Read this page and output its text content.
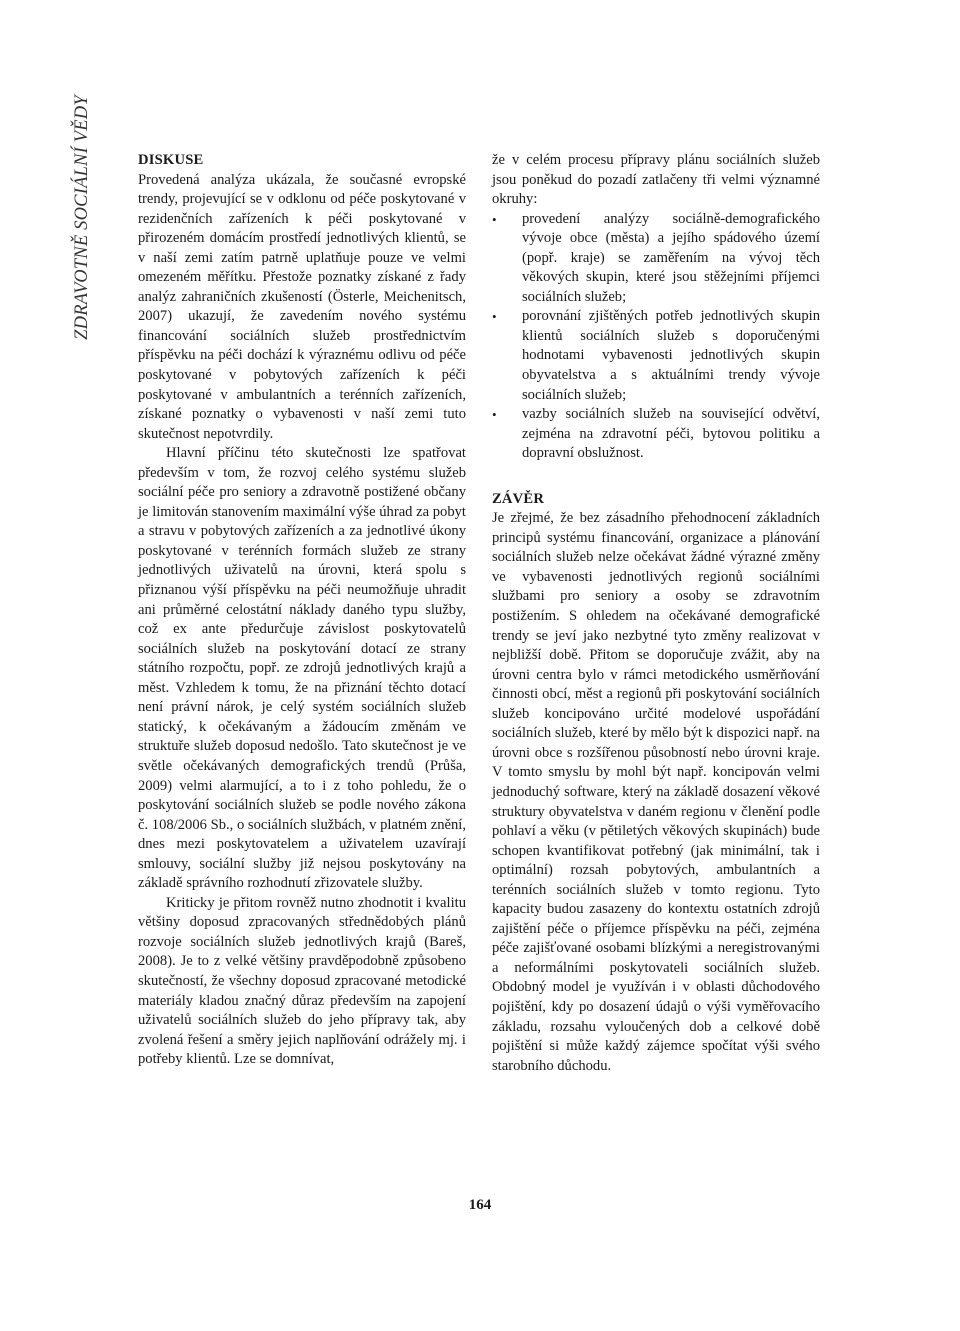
ZDRAVOTNĚ SOCIÁLNÍ VĚDY	DISKUSE

Provedená analýza ukázala, že současné evropské trendy, projevující se v odklonu od péče poskytované v rezidenčních zařízeních k péči poskytované v přirozeném domácím prostředí jednotlivých klientů, se v naší zemi zatím patrně uplatňuje pouze ve velmi omezeném měřítku. Přestože poznatky získané z řady analýz zahraničních zkušeností (Österle, Meichenitsch, 2007) ukazují, že zavedením nového systému financování sociálních služeb prostřednictvím příspěvku na péči dochází k výraznému odlivu od péče poskytované v pobytových zařízeních k péči poskytované v ambulantních a terénních zařízeních, získané poznatky o vybavenosti v naší zemi tuto skutečnost nepotvrdily.

Hlavní příčinu této skutečnosti lze spatřovat především v tom, že rozvoj celého systému služeb sociální péče pro seniory a zdravotně postižené občany je limitován stanovením maximální výše úhrad za pobyt a stravu v pobytových zařízeních a za jednotlivé úkony poskytované v terénních formách služeb ze strany jednotlivých uživatelů na úrovni, která spolu s přiznanou výší příspěvku na péči neumožňuje uhradit ani průměrné celostátní náklady daného typu služby, což ex ante předurčuje závislost poskytovatelů sociálních služeb na poskytování dotací ze strany státního rozpočtu, popř. ze zdrojů jednotlivých krajů a měst. Vzhledem k tomu, že na přiznání těchto dotací není právní nárok, je celý systém sociálních služeb statický, k očekávaným a žádoucím změnám ve struktuře služeb doposud nedošlo. Tato skutečnost je ve světle očekávaných demografických trendů (Průša, 2009) velmi alarmující, a to i z toho pohledu, že o poskytování sociálních služeb se podle nového zákona č. 108/2006 Sb., o sociálních službách, v platném znění, dnes mezi poskytovatelem a uživatelem uzavírají smlouvy, sociální služby již nejsou poskytovány na základě správního rozhodnutí zřizovatele služby.

Kriticky je přitom rovněž nutno zhodnotit i kvalitu většiny doposud zpracovaných střednědobých plánů rozvoje sociálních služeb jednotlivých krajů (Bareš, 2008). Je to z velké většiny pravděpodobně způsobeno skutečností, že všechny doposud zpracované metodické materiály kladou značný důraz především na zapojení uživatelů sociálních služeb do jeho přípravy tak, aby zvolená řešení a směry jejich naplňování odrážely mj. i potřeby klientů. Lze se domnívat,

že v celém procesu přípravy plánu sociálních služeb jsou poněkud do pozadí zatlačeny tři velmi významné okruhy:

• provedení analýzy sociálně-demografického vývoje obce (města) a jejího spádového území (popř. kraje) se zaměřením na vývoj těch věkových skupin, které jsou stěžejními příjemci sociálních služeb;
• porovnání zjištěných potřeb jednotlivých skupin klientů sociálních služeb s doporučenými hodnotami vybavenosti jednotlivých skupin obyvatelstva a s aktuálními trendy vývoje sociálních služeb;
• vazby sociálních služeb na související odvětví, zejména na zdravotní péči, bytovou politiku a dopravní obslužnost.

ZÁVĚR

Je zřejmé, že bez zásadního přehodnocení základních principů systému financování, organizace a plánování sociálních služeb nelze očekávat žádné výrazné změny ve vybavenosti jednotlivých regionů sociálními službami pro seniory a osoby se zdravotním postižením. S ohledem na očekávané demografické trendy se jeví jako nezbytné tyto změny realizovat v nejbližší době. Přitom se doporučuje zvážit, aby na úrovni centra bylo v rámci metodického usměrňování činnosti obcí, měst a regionů při poskytování sociálních služeb koncipováno určité modelové uspořádání sociálních služeb, které by mělo být k dispozici např. na úrovni obce s rozšířenou působností nebo úrovni kraje. V tomto smyslu by mohl být např. koncipován velmi jednoduchý software, který na základě dosazení věkové struktury obyvatelstva v daném regionu v členění podle pohlaví a věku (v pětiletých věkových skupinách) bude schopen kvantifikovat potřebný (jak minimální, tak i optimální) rozsah pobytových, ambulantních a terénních sociálních služeb v tomto regionu. Tyto kapacity budou zasazeny do kontextu ostatních zdrojů zajištění péče o příjemce příspěvku na péči, zejména péče zajišťované osobami blízkými a neregistrovanými a neformálními poskytovateli sociálních služeb. Obdobný model je využíván i v oblasti důchodového pojištění, kdy po dosazení údajů o výši vyměřovacího základu, rozsahu vyloučených dob a celkové době pojištění si může každý zájemce spočítat výši svého starobního důchodu.

164
